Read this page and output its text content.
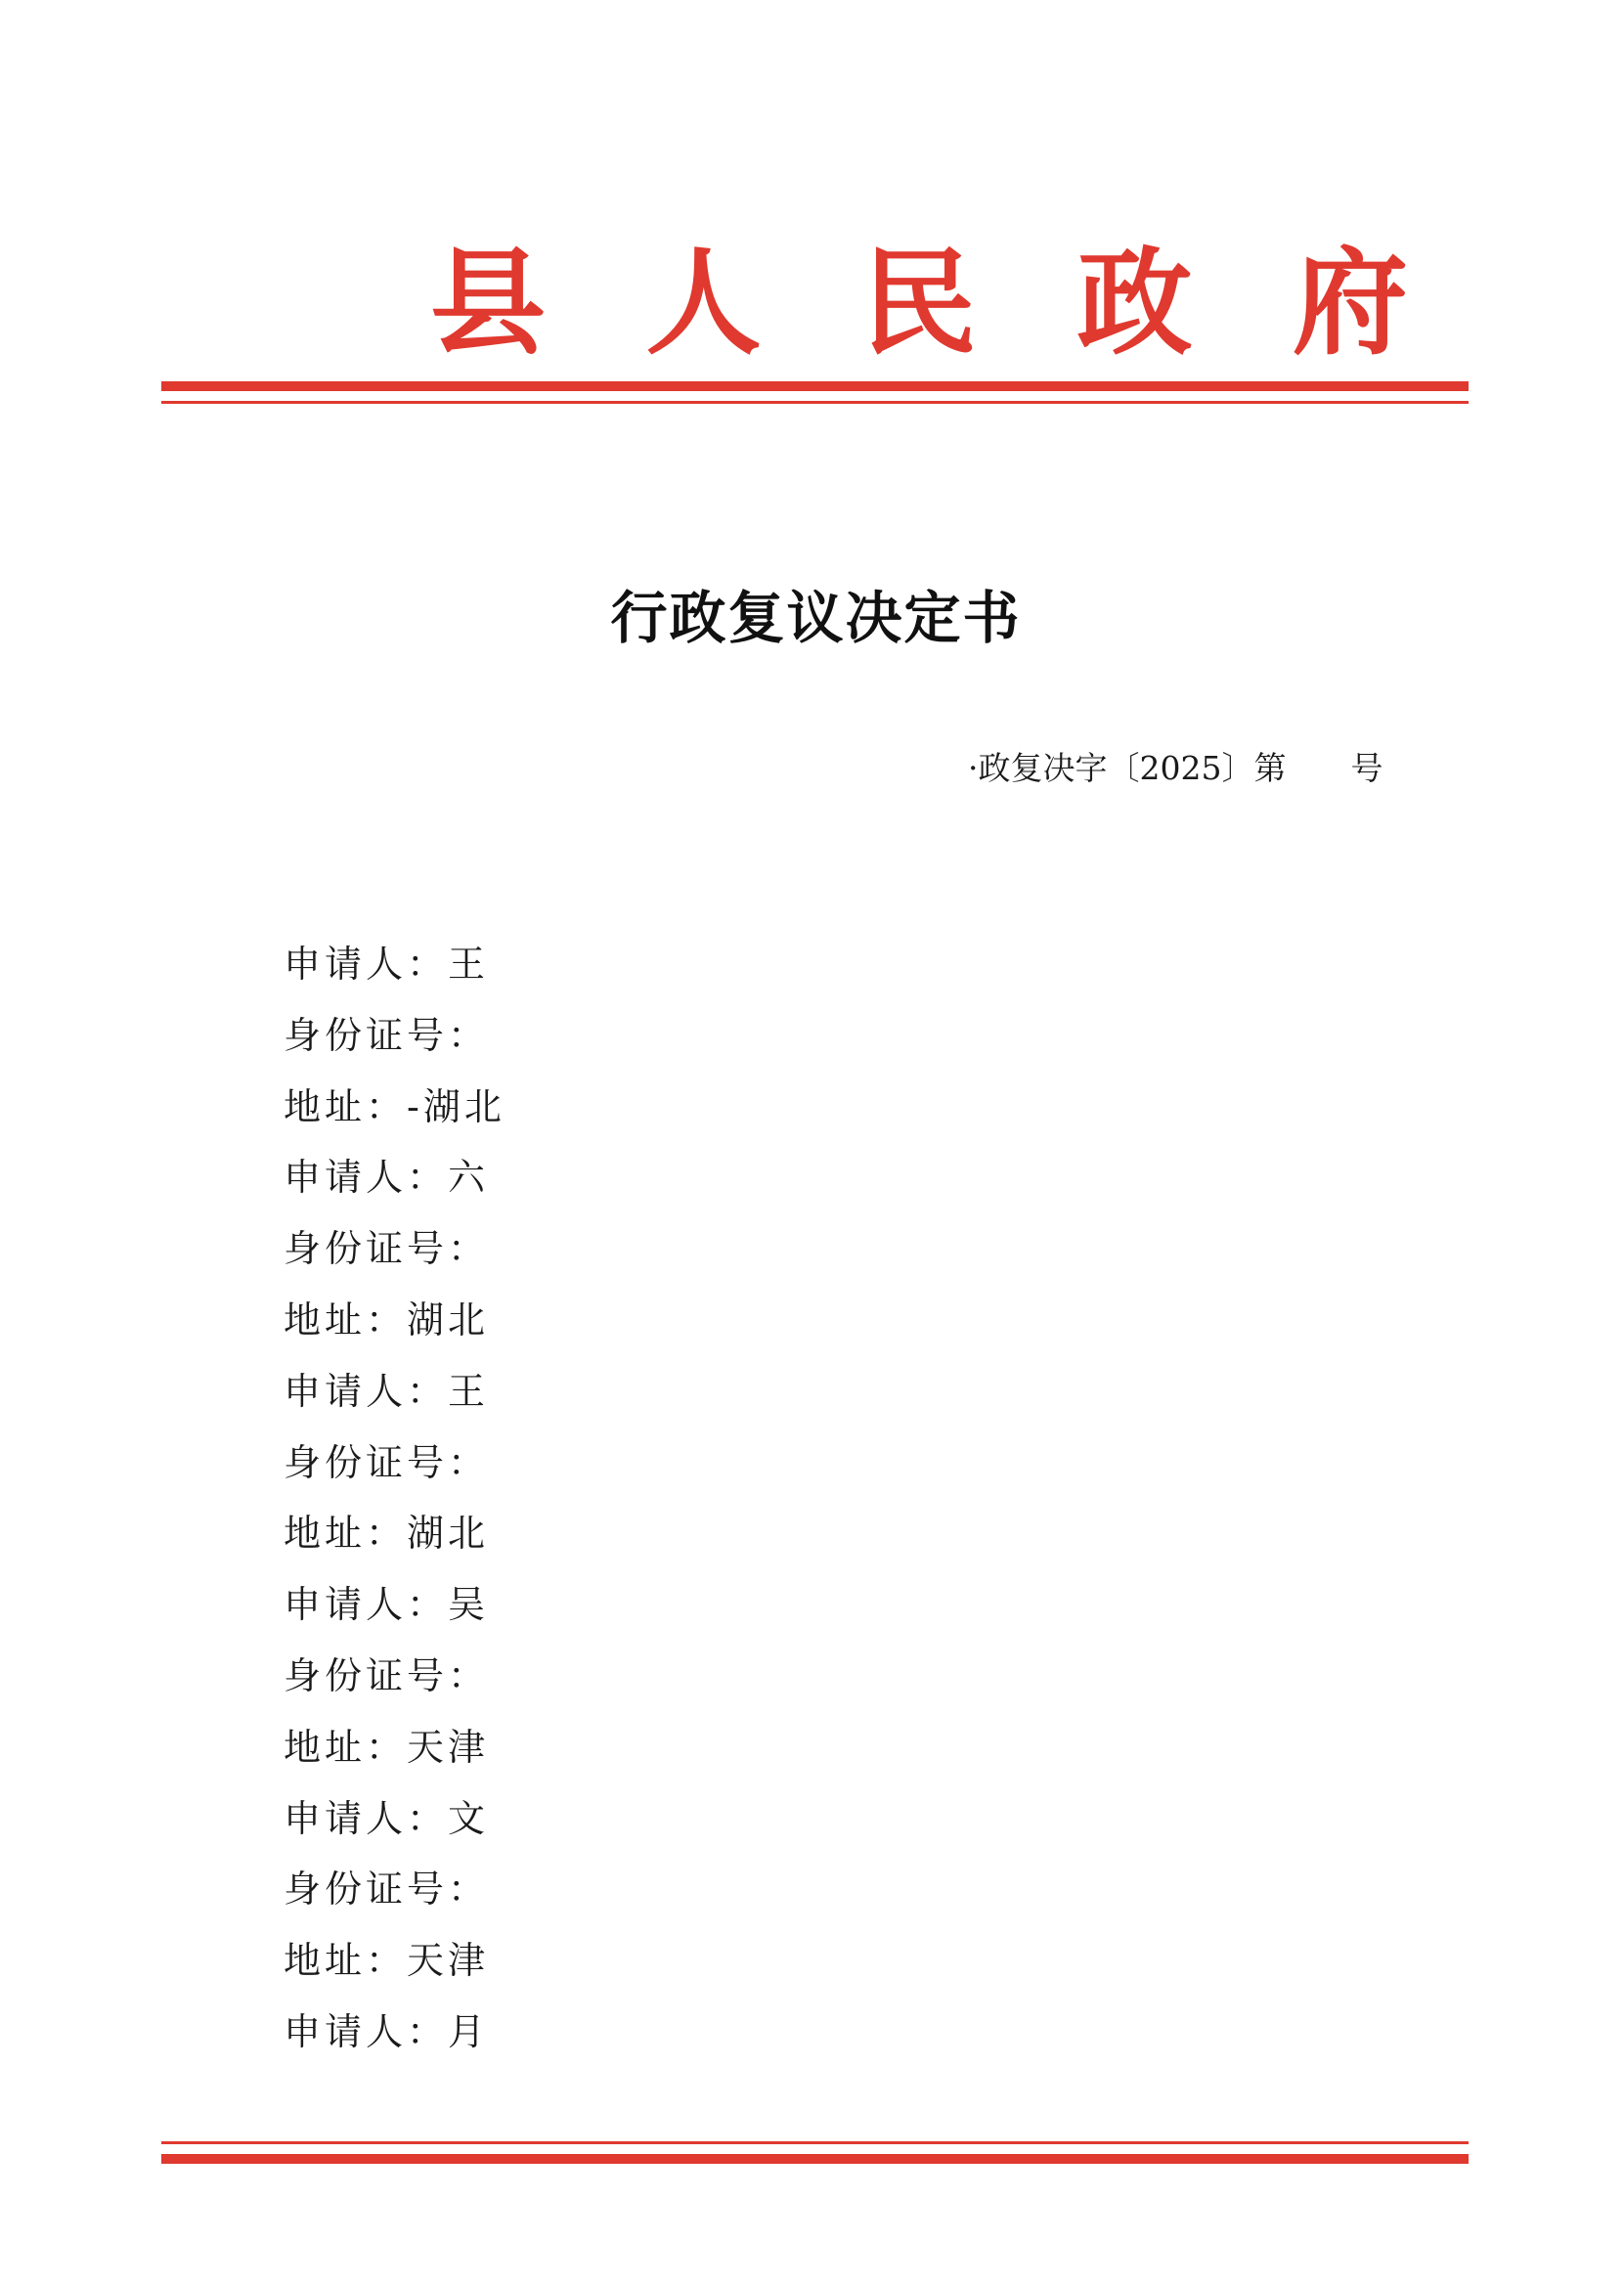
县 人 民 政 府
行政复议决定书
·政复决字〔2025〕第　　号
申请人：王
身份证号：
地址：-湖北
申请人：六
身份证号：
地址：湖北
申请人：王
身份证号：
地址：湖北
申请人：吴
身份证号：
地址：天津
申请人：文
身份证号：
地址：天津
申请人：月
